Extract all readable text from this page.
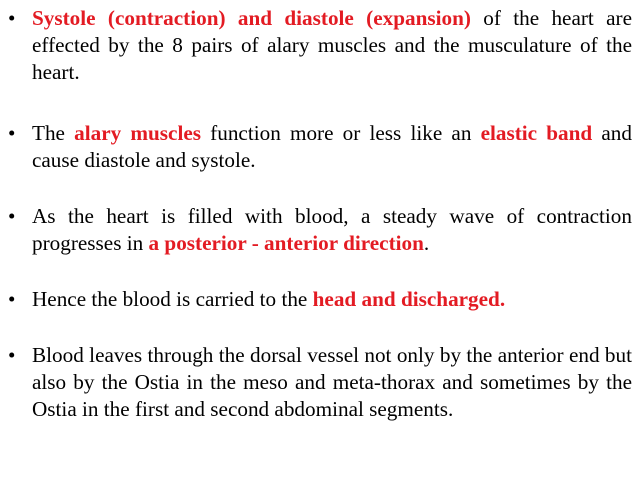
• Systole (contraction) and diastole (expansion) of the heart are effected by the 8 pairs of alary muscles and the musculature of the heart.
• The alary muscles function more or less like an elastic band and cause diastole and systole.
• As the heart is filled with blood, a steady wave of contraction progresses in a posterior - anterior direction.
• Hence the blood is carried to the head and discharged.
• Blood leaves through the dorsal vessel not only by the anterior end but also by the Ostia in the meso and meta-thorax and sometimes by the Ostia in the first and second abdominal segments.
